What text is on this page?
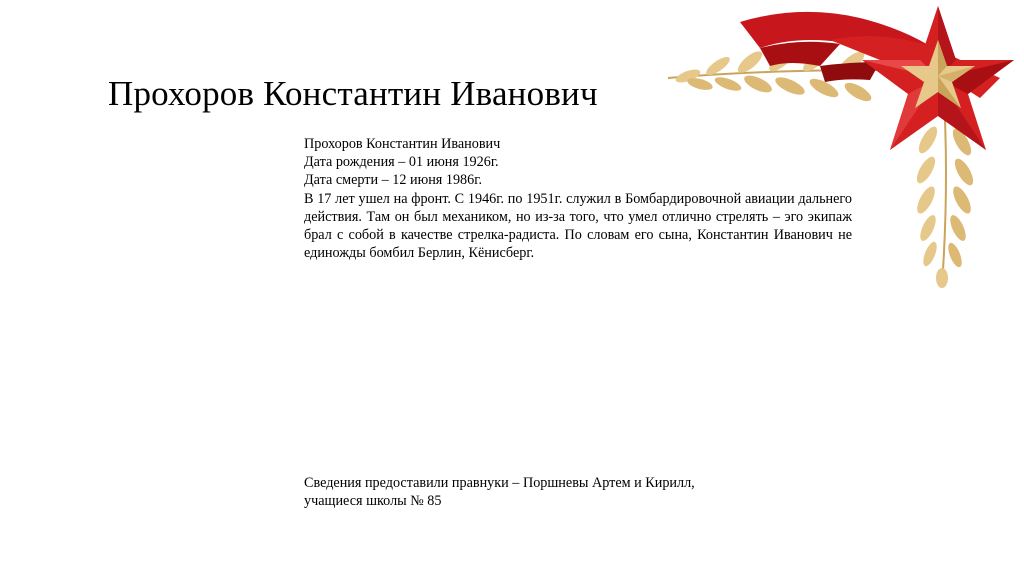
Прохоров Константин Иванович
Прохоров Константин Иванович
Дата рождения – 01 июня 1926г.
Дата смерти – 12 июня 1986г.
В 17 лет ушел на фронт. С 1946г. по 1951г. служил в Бомбардировочной авиации дальнего действия. Там он был механиком, но из-за того, что умел отлично стрелять – эго экипаж брал с собой в качестве стрелка-радиста. По словам его сына, Константин Иванович не единожды бомбил Берлин, Кёнисберг.
Сведения предоставили правнуки – Поршневы Артем и Кирилл,
учащиеся школы № 85
